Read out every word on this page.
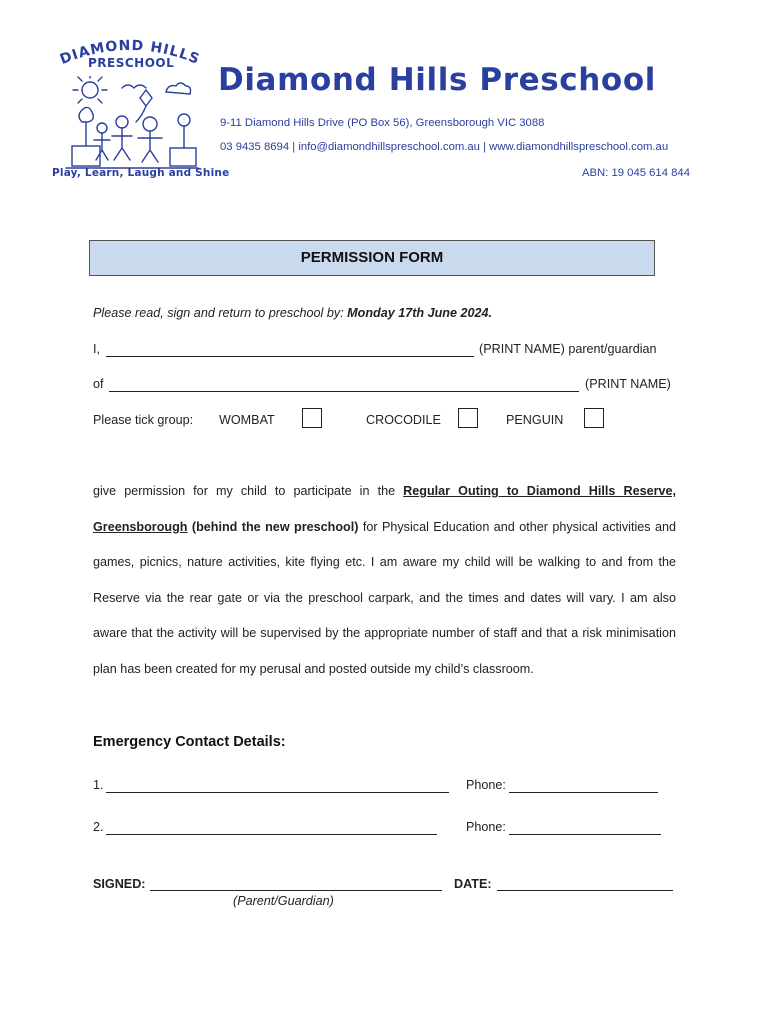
DIAMOND HILLS
PRESCHOOL
Play, Learn, Laugh and Shine
Diamond Hills Preschool
9-11 Diamond Hills Drive (PO Box 56), Greensborough VIC 3088
03 9435 8694 | info@diamondhillspreschool.com.au | www.diamondhillspreschool.com.au
ABN: 19 045 614 844
PERMISSION FORM
Please read, sign and return to preschool by: Monday 17th June 2024.
I,	(PRINT NAME) parent/guardian
of	(PRINT NAME)
Please tick group: WOMBAT	CROCODILE	PENGUIN
give permission for my child to participate in the Regular Outing to Diamond Hills Reserve, Greensborough (behind the new preschool) for Physical Education and other physical activities and games, picnics, nature activities, kite flying etc. I am aware my child will be walking to and from the Reserve via the rear gate or via the preschool carpark, and the times and dates will vary. I am also aware that the activity will be supervised by the appropriate number of staff and that a risk minimisation plan has been created for my perusal and posted outside my child’s classroom.
Emergency Contact Details:
1.	Phone:
2.	Phone:
SIGNED:
(Parent/Guardian)
DATE:
